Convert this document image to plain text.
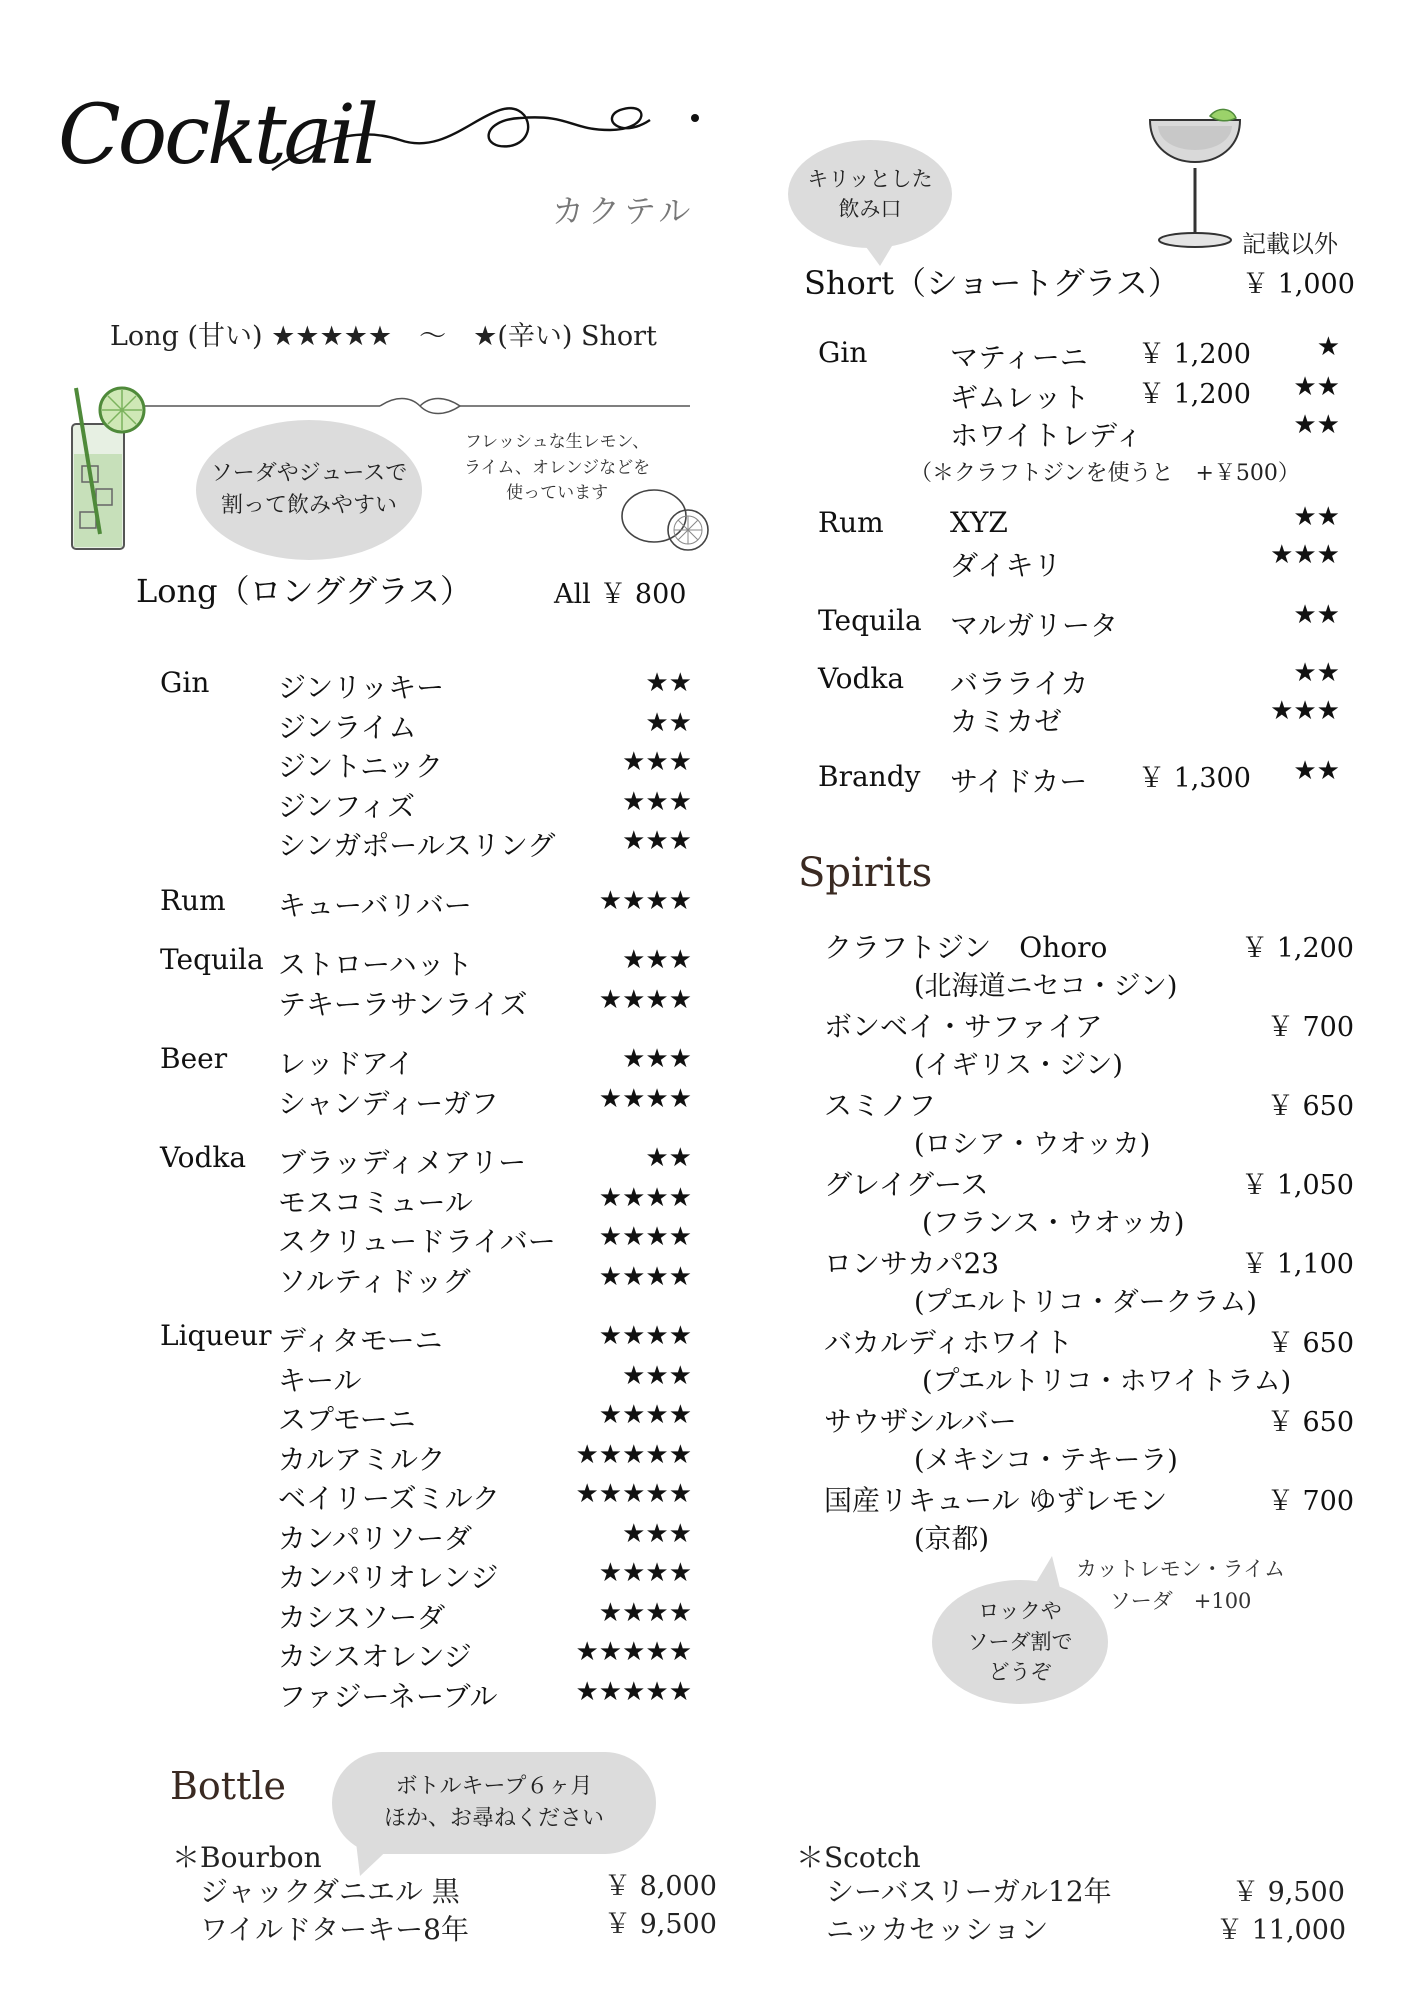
Cocktail
カクテル
Long (甘い) ★★★★★　～　★(辛い) Short
ソーダやジュースで
割って飲みやすい
フレッシュな生レモン、
ライム、オレンジなどを
使っています
Long（ロンググラス）	All ￥ 800
キリッとした
飲み口
記載以外
Short（ショートグラス） ￥ 1,000
（＊クラフトジンを使うと　+￥500）
Spirits
カットレモン・ライム
ソーダ　+100
ロックや
ソーダ割で
どうぞ
Bottle	ボトルキープ６ヶ月
ほか、お尋ねください
＊Bourbon
ジャックダニエル 黒	￥ 8,000
ワイルドターキー8年	￥ 9,500
＊Scotch
シーバスリーガル12年	￥ 9,500
ニッカセッション	￥ 11,000
Gin ジンリッキー	★★
ジンライム	★★
ジントニック	★★★
ジンフィズ	★★★
シンガポールスリング	★★★
Rum キューバリバー	★★★★
Tequila ストローハット	★★★
テキーラサンライズ	★★★★
Beer レッドアイ	★★★
シャンディーガフ	★★★★
Vodka ブラッディメアリー	★★
モスコミュール	★★★★
スクリュードライバー	★★★★
ソルティドッグ	★★★★
Liqueur ディタモーニ	★★★★
キール	★★★
スプモーニ	★★★★
カルアミルク	★★★★★
ベイリーズミルク	★★★★★
カンパリソーダ	★★★
カンパリオレンジ	★★★★
カシスソーダ	★★★★
カシスオレンジ	★★★★★
ファジーネーブル	★★★★★
Gin	マティーニ ￥ 1,200	★
ギムレット ￥ 1,200	★★
ホワイトレディ	★★
Rum XYZ	★★
ダイキリ	★★★
Tequila マルガリータ	★★
Vodka バラライカ	★★
カミカゼ	★★★
Brandy サイドカー ￥ 1,300	★★
クラフトジン　Ohoro	￥ 1,200
(北海道ニセコ・ジン)
ボンベイ・サファイア	￥ 700
(イギリス・ジン)
スミノフ	￥ 650
(ロシア・ウオッカ)
グレイグース	￥ 1,050
(フランス・ウオッカ)
ロンサカパ23	￥ 1,100
(プエルトリコ・ダークラム)
バカルディホワイト	￥ 650
(プエルトリコ・ホワイトラム)
サウザシルバー	￥ 650
(メキシコ・テキーラ)
国産リキュール ゆずレモン	￥ 700
(京都)
